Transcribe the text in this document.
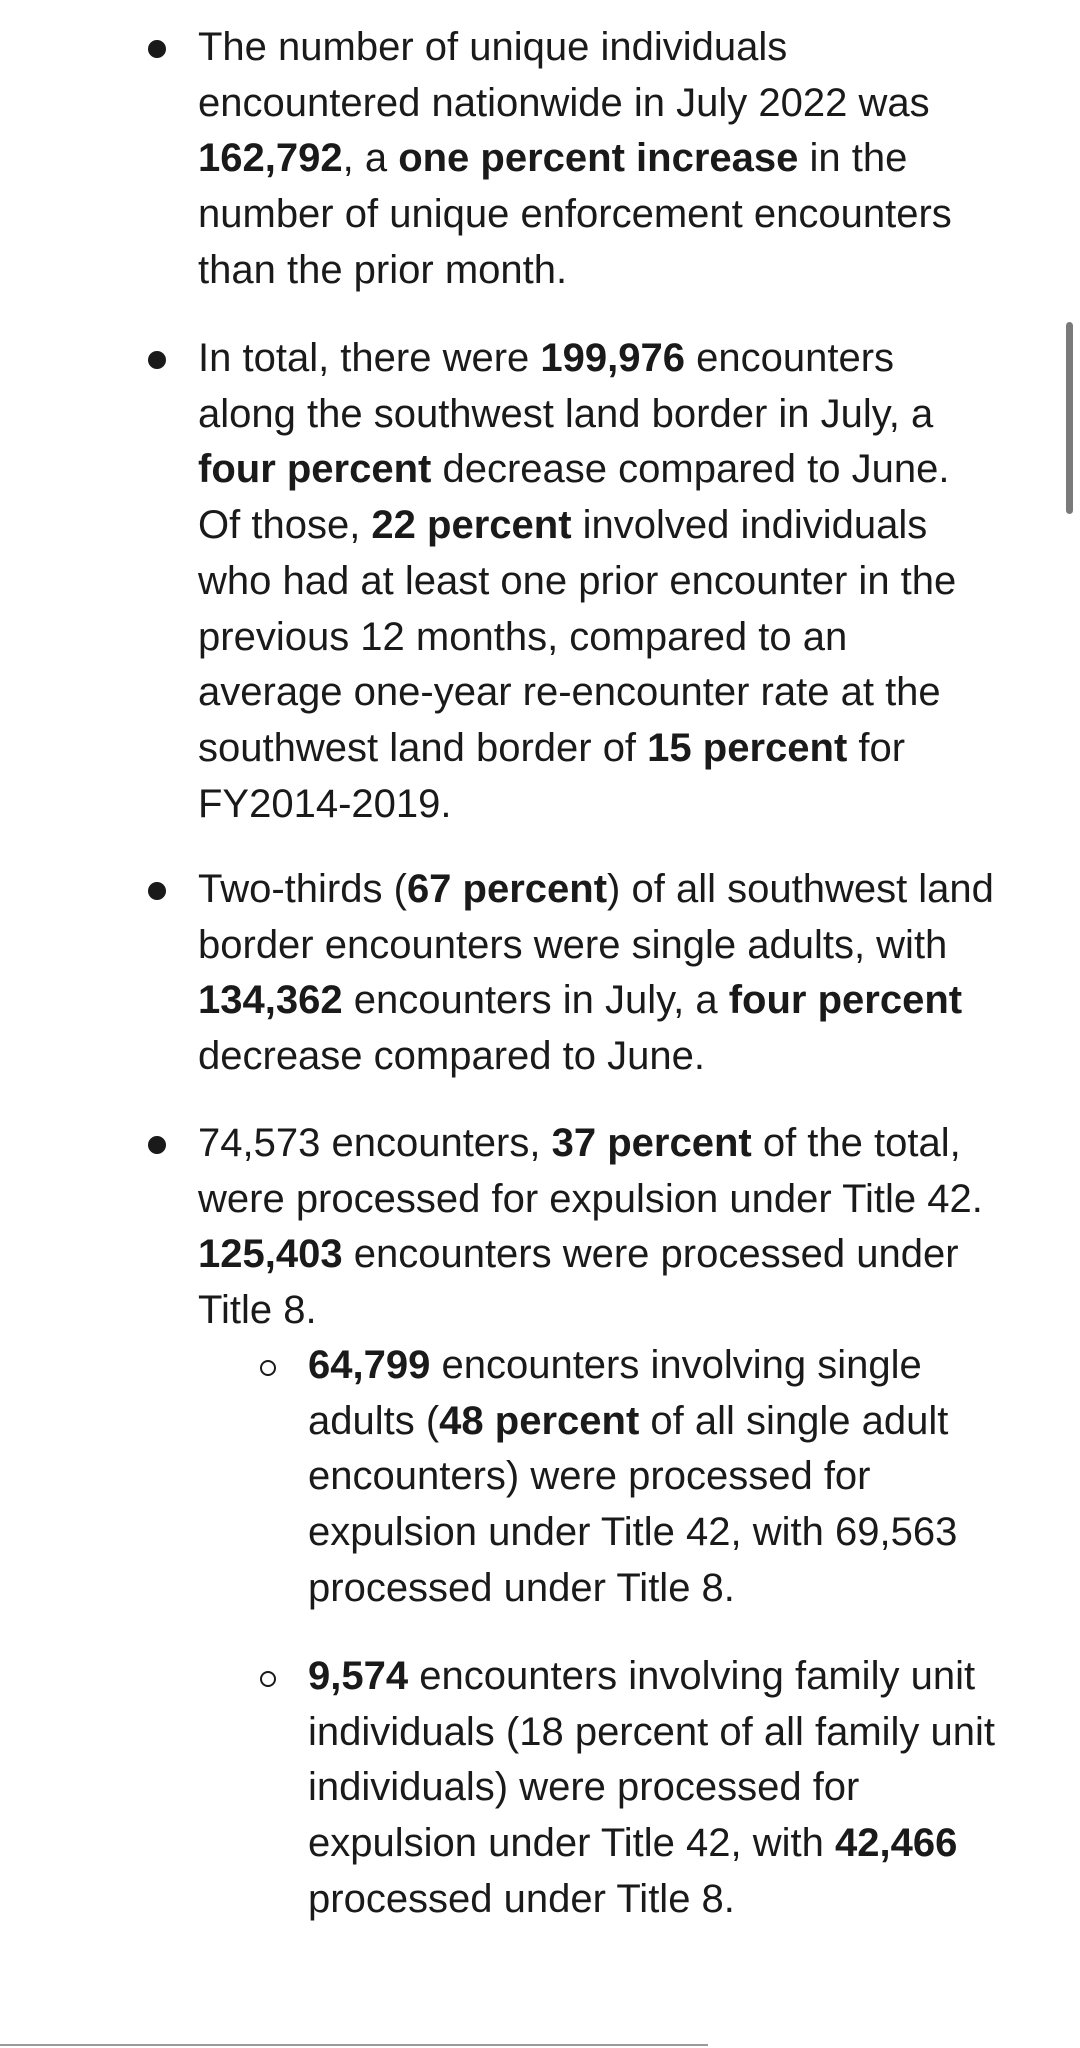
The number of unique individuals encountered nationwide in July 2022 was 162,792, a one percent increase in the number of unique enforcement encounters than the prior month.
In total, there were 199,976 encounters along the southwest land border in July, a four percent decrease compared to June. Of those, 22 percent involved individuals who had at least one prior encounter in the previous 12 months, compared to an average one-year re-encounter rate at the southwest land border of 15 percent for FY2014-2019.
Two-thirds (67 percent) of all southwest land border encounters were single adults, with 134,362 encounters in July, a four percent decrease compared to June.
74,573 encounters, 37 percent of the total, were processed for expulsion under Title 42. 125,403 encounters were processed under Title 8.
64,799 encounters involving single adults (48 percent of all single adult encounters) were processed for expulsion under Title 42, with 69,563 processed under Title 8.
9,574 encounters involving family unit individuals (18 percent of all family unit individuals) were processed for expulsion under Title 42, with 42,466 processed under Title 8.
